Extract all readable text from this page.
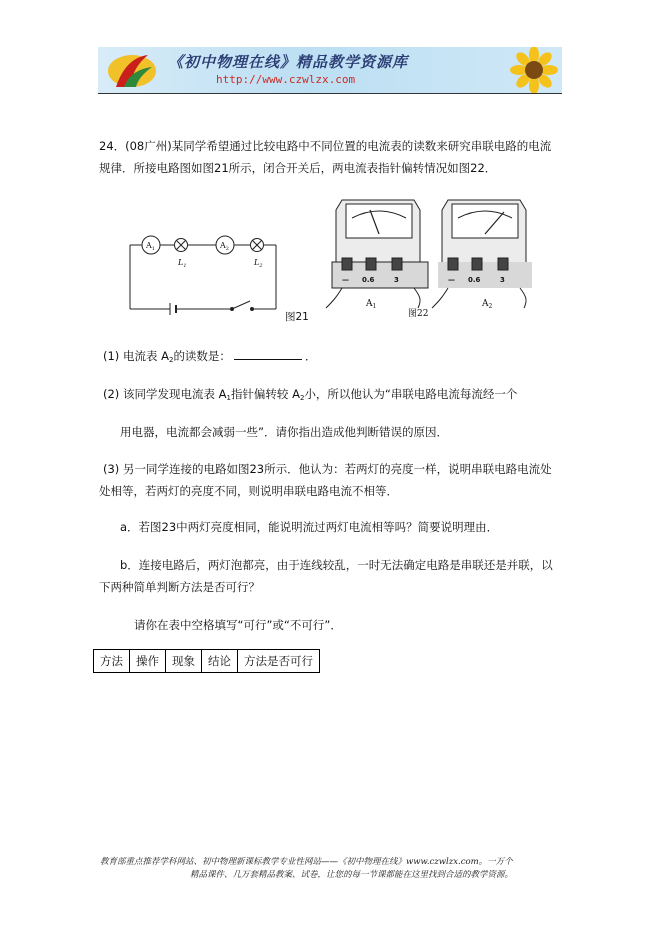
《初中物理在线》精品教学资源库
http://www.czwlzx.com
24．(08广州)某同学希望通过比较电路中不同位置的电流表的读数来研究串联电路的电流
规律．所接电路图如图21所示，闭合开关后，两电流表指针偏转情况如图22．
$A_1$	$A_2$
$L_1$	$L_2$
图21
— 0.6	3	— 0.6	3
$A_1$
图22
$A_2$
(1) 电流表 $A_2$的读数是：	．
(2) 该同学发现电流表 $A_1$指针偏转较 $A_2$小，所以他认为“串联电路电流每流经一个
用电器，电流都会减弱一些”．请你指出造成他判断错误的原因．
(3) 另一同学连接的电路如图23所示．他认为：若两灯的亮度一样，说明串联电路电流处
处相等，若两灯的亮度不同，则说明串联电路电流不相等．
a．若图23中两灯亮度相同，能说明流过两灯电流相等吗？简要说明理由．
b．连接电路后，两灯泡都亮，由于连线较乱，一时无法确定电路是串联还是并联，以
下两种简单判断方法是否可行？
请你在表中空格填写“可行”或“不可行”．
方法	操作	现象	结论	方法是否可行
教育部重点推荐学科网站、初中物理新课标教学专业性网站——《初中物理在线》www.czwlzx.com。一万个
精品课件、几万套精品教案、试卷，让您的每一节课都能在这里找到合适的教学资源。
